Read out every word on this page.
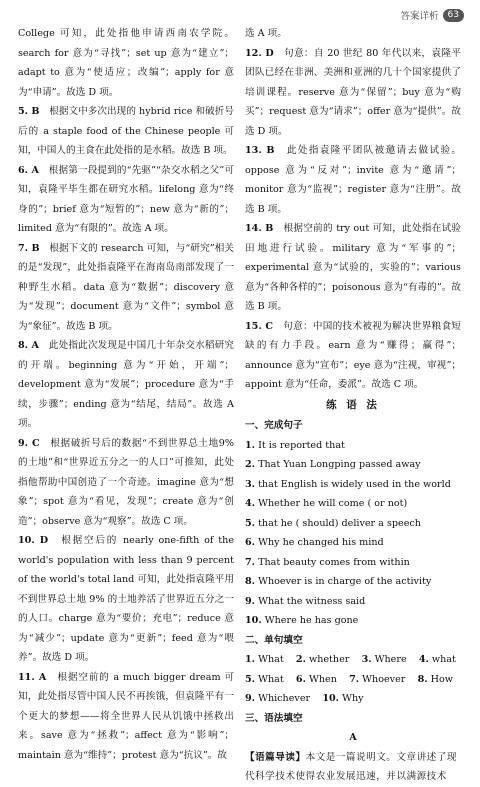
答案详析	63

College 可知，此处指他申请西南农学院。search for 意为“寻找”；set up 意为“建立”；adapt to 意为“使适应；改编”；apply for 意为“申请”。故选 D 项。

5. B　 根据文中多次出现的 hybrid rice 和破折号后的 a staple food of the Chinese people 可知，中国人的主食在此处指的是水稻。故选 B 项。

6. A　 根据第一段提到的“先驱”“杂交水稻之父”可知，袁隆平毕生都在研究水稻。lifelong 意为“终身的”；brief 意为“短暂的”；new 意为“新的”；limited 意为“有限的”。故选 A 项。

7. B　 根据下文的 research 可知，与“研究”相关的是“发现”，此处指袁隆平在海南岛南部发现了一种野生水稻。data 意为“数据”；discovery 意为“发现”；document 意为“文件”；symbol 意为“象征”。故选 B 项。

8. A　 此处指此次发现是中国几十年杂交水稻研究的开端。beginning 意为“开始，开端”；development 意为“发展”；procedure 意为“手续，步骤”；ending 意为“结尾，结局”。故选 A 项。

9. C　 根据破折号后的数据“不到世界总土地9% 的土地”和“世界近五分之一的人口”可推知，此处指他帮助中国创造了一个奇迹。imagine 意为“想象”；spot 意为“看见，发现”；create 意为“创造”；observe 意为“观察”。故选 C 项。

10. D　 根据空后的 nearly one-fifth of the world's population with less than 9 percent of the world's total land 可知，此处指袁隆平用不到世界总土地 9% 的土地养活了世界近五分之一的人口。charge 意为“要价；充电”；reduce 意为“减少”；update 意为“更新”；feed 意为“喂养”。故选 D 项。

11. A　 根据空前的 a much bigger dream 可知，此处指尽管中国人民不再挨饿，但袁隆平有一个更大的梦想——将全世界人民从饥饿中拯救出来。save 意为“拯救”；affect 意为“影响”；maintain 意为“维持”；protest 意为“抗议”。故

选 A 项。

12. D　 句意：自 20 世纪 80 年代以来，袁隆平团队已经在非洲、美洲和亚洲的几十个国家提供了培训课程。reserve 意为“保留”；buy 意为“购买”；request 意为“请求”；offer 意为“提供”。故选 D 项。

13. B　 此处指袁隆平团队被邀请去做试验。oppose 意为“反对”；invite 意为“邀请”；monitor 意为“监视”；register 意为“注册”。故选 B 项。

14. B　 根据空前的 try out 可知，此处指在试验田地进行试验。military 意为“军事的”；experimental 意为“试验的，实验的”；various 意为“各种各样的”；poisonous 意为“有毒的”。故选 B 项。

15. C　 句意：中国的技术被视为解决世界粮食短缺的有力手段。earn 意为“赚得；赢得”；announce 意为“宣布”；eye 意为“注视，审视”；appoint 意为“任命，委派”。故选 C 项。

练 语 法

一、完成句子

1. It is reported that

2. That Yuan Longping passed away

3. that English is widely used in the world

4. Whether he will come ( or not)

5. that he ( should) deliver a speech

6. Why he changed his mind

7. That beauty comes from within

8. Whoever is in charge of the activity

9. What the witness said

10. Where he has gone

二、单句填空

1. What 2. whether 3. Where 4. what

5. What 6. When 7. Whoever 8. How

9. Whichever 10. Why

三、语法填空

A

【语篇导读】本文是一篇说明文。文章讲述了现代科学技术使得农业发展迅速，并以满源技术
